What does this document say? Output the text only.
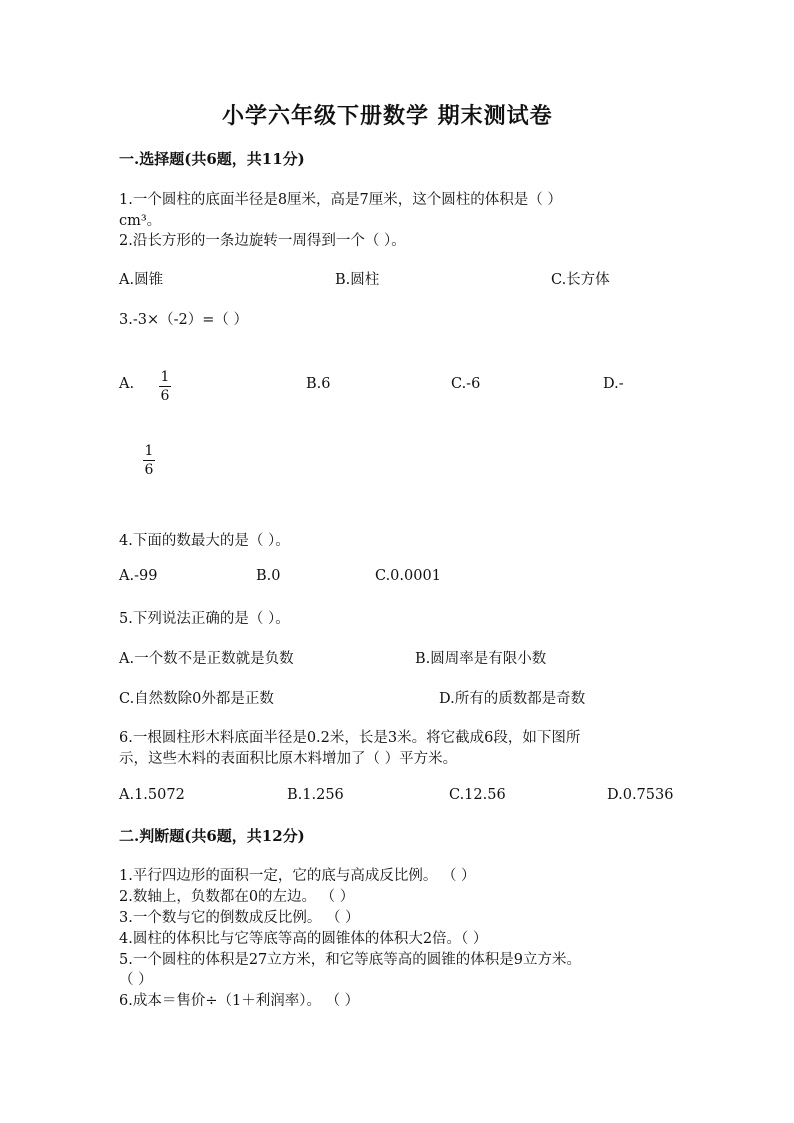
小学六年级下册数学 期末测试卷
一.选择题(共6题，共11分)
1.一个圆柱的底面半径是8厘米，高是7厘米，这个圆柱的体积是（ ）
cm³。
2.沿长方形的一条边旋转一周得到一个（ ）。
A.圆锥	B.圆柱	C.长方体
3.-3×（-2）=（ ）
A. 1
6
B.6	C.-6	D.-
1
6
4.下面的数最大的是（ ）。
A.-99	B.0	C.0.0001
5.下列说法正确的是（ ）。
A.一个数不是正数就是负数	B.圆周率是有限小数
C.自然数除0外都是正数	D.所有的质数都是奇数
6.一根圆柱形木料底面半径是0.2米，长是3米。将它截成6段，如下图所
示，这些木料的表面积比原木料增加了（ ）平方米。
A.1.5072	B.1.256	C.12.56	D.0.7536
二.判断题(共6题，共12分)
1.平行四边形的面积一定，它的底与高成反比例。 （ ）
2.数轴上，负数都在0的左边。 （ ）
3.一个数与它的倒数成反比例。 （ ）
4.圆柱的体积比与它等底等高的圆锥体的体积大2倍。（ ）
5.一个圆柱的体积是27立方米，和它等底等高的圆锥的体积是9立方米。
（ ）
6.成本＝售价÷（1＋利润率）。 （ ）
